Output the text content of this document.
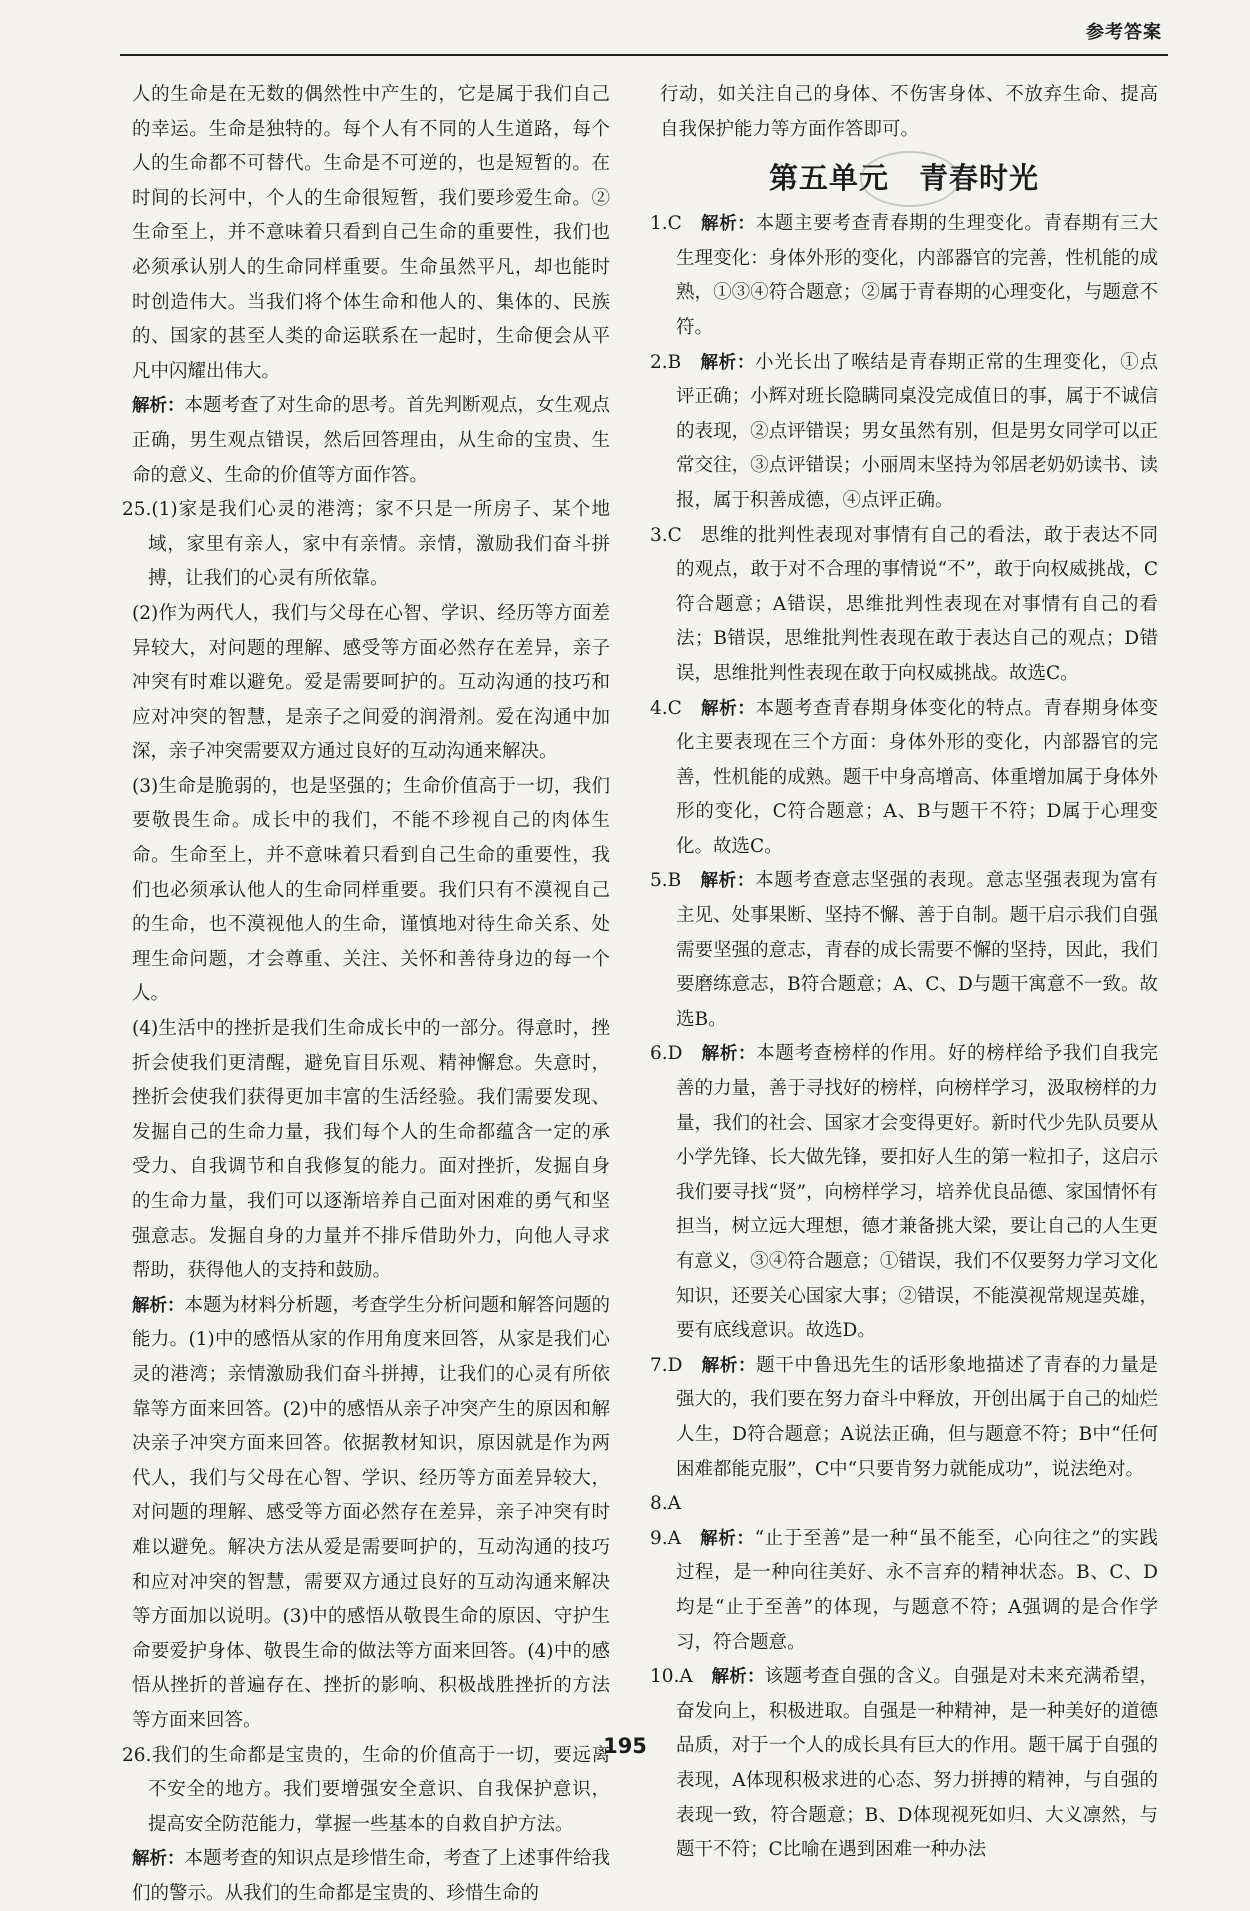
参考答案

人的生命是在无数的偶然性中产生的，它是属于我们自己的幸运。生命是独特的。每个人有不同的人生道路，每个人的生命都不可替代。生命是不可逆的，也是短暂的。在时间的长河中，个人的生命很短暂，我们要珍爱生命。②生命至上，并不意味着只看到自己生命的重要性，我们也必须承认别人的生命同样重要。生命虽然平凡，却也能时时创造伟大。当我们将个体生命和他人的、集体的、民族的、国家的甚至人类的命运联系在一起时，生命便会从平凡中闪耀出伟大。

解析：本题考查了对生命的思考。首先判断观点，女生观点正确，男生观点错误，然后回答理由，从生命的宝贵、生命的意义、生命的价值等方面作答。

25.(1)家是我们心灵的港湾；家不只是一所房子、某个地域，家里有亲人，家中有亲情。亲情，激励我们奋斗拼搏，让我们的心灵有所依靠。

(2)作为两代人，我们与父母在心智、学识、经历等方面差异较大，对问题的理解、感受等方面必然存在差异，亲子冲突有时难以避免。爱是需要呵护的。互动沟通的技巧和应对冲突的智慧，是亲子之间爱的润滑剂。爱在沟通中加深，亲子冲突需要双方通过良好的互动沟通来解决。

(3)生命是脆弱的，也是坚强的；生命价值高于一切，我们要敬畏生命。成长中的我们，不能不珍视自己的肉体生命。生命至上，并不意味着只看到自己生命的重要性，我们也必须承认他人的生命同样重要。我们只有不漠视自己的生命，也不漠视他人的生命，谨慎地对待生命关系、处理生命问题，才会尊重、关注、关怀和善待身边的每一个人。

(4)生活中的挫折是我们生命成长中的一部分。得意时，挫折会使我们更清醒，避免盲目乐观、精神懈怠。失意时，挫折会使我们获得更加丰富的生活经验。我们需要发现、发掘自己的生命力量，我们每个人的生命都蕴含一定的承受力、自我调节和自我修复的能力。面对挫折，发掘自身的生命力量，我们可以逐渐培养自己面对困难的勇气和坚强意志。发掘自身的力量并不排斥借助外力，向他人寻求帮助，获得他人的支持和鼓励。

解析：本题为材料分析题，考查学生分析问题和解答问题的能力。(1)中的感悟从家的作用角度来回答，从家是我们心灵的港湾；亲情激励我们奋斗拼搏，让我们的心灵有所依靠等方面来回答。(2)中的感悟从亲子冲突产生的原因和解决亲子冲突方面来回答。依据教材知识，原因就是作为两代人，我们与父母在心智、学识、经历等方面差异较大，对问题的理解、感受等方面必然存在差异，亲子冲突有时难以避免。解决方法从爱是需要呵护的，互动沟通的技巧和应对冲突的智慧，需要双方通过良好的互动沟通来解决等方面加以说明。(3)中的感悟从敬畏生命的原因、守护生命要爱护身体、敬畏生命的做法等方面来回答。(4)中的感悟从挫折的普遍存在、挫折的影响、积极战胜挫折的方法等方面来回答。

26.我们的生命都是宝贵的，生命的价值高于一切，要远离不安全的地方。我们要增强安全意识、自我保护意识，提高安全防范能力，掌握一些基本的自救自护方法。

解析：本题考查的知识点是珍惜生命，考查了上述事件给我们的警示。从我们的生命都是宝贵的、珍惜生命的

行动，如关注自己的身体、不伤害身体、不放弃生命、提高自我保护能力等方面作答即可。

第五单元　青春时光

1.C  解析：本题主要考查青春期的生理变化。青春期有三大生理变化：身体外形的变化，内部器官的完善，性机能的成熟，①③④符合题意；②属于青春期的心理变化，与题意不符。

2.B  解析：小光长出了喉结是青春期正常的生理变化，①点评正确；小辉对班长隐瞒同桌没完成值日的事，属于不诚信的表现，②点评错误；男女虽然有别，但是男女同学可以正常交往，③点评错误；小丽周末坚持为邻居老奶奶读书、读报，属于积善成德，④点评正确。

3.C  思维的批判性表现对事情有自己的看法，敢于表达不同的观点，敢于对不合理的事情说“不”，敢于向权威挑战，C符合题意；A错误，思维批判性表现在对事情有自己的看法；B错误，思维批判性表现在敢于表达自己的观点；D错误，思维批判性表现在敢于向权威挑战。故选C。

4.C  解析：本题考查青春期身体变化的特点。青春期身体变化主要表现在三个方面：身体外形的变化，内部器官的完善，性机能的成熟。题干中身高增高、体重增加属于身体外形的变化，C符合题意；A、B与题干不符；D属于心理变化。故选C。

5.B  解析：本题考查意志坚强的表现。意志坚强表现为富有主见、处事果断、坚持不懈、善于自制。题干启示我们自强需要坚强的意志，青春的成长需要不懈的坚持，因此，我们要磨练意志，B符合题意；A、C、D与题干寓意不一致。故选B。

6.D  解析：本题考查榜样的作用。好的榜样给予我们自我完善的力量，善于寻找好的榜样，向榜样学习，汲取榜样的力量，我们的社会、国家才会变得更好。新时代少先队员要从小学先锋、长大做先锋，要扣好人生的第一粒扣子，这启示我们要寻找“贤”，向榜样学习，培养优良品德、家国情怀有担当，树立远大理想，德才兼备挑大梁，要让自己的人生更有意义，③④符合题意；①错误，我们不仅要努力学习文化知识，还要关心国家大事；②错误，不能漠视常规逞英雄，要有底线意识。故选D。

7.D  解析：题干中鲁迅先生的话形象地描述了青春的力量是强大的，我们要在努力奋斗中释放，开创出属于自己的灿烂人生，D符合题意；A说法正确，但与题意不符；B中“任何困难都能克服”，C中“只要肯努力就能成功”，说法绝对。

8.A 

9.A  解析：“止于至善”是一种“虽不能至，心向往之”的实践过程，是一种向往美好、永不言弃的精神状态。B、C、D均是“止于至善”的体现，与题意不符；A强调的是合作学习，符合题意。

10.A  解析：该题考查自强的含义。自强是对未来充满希望，奋发向上，积极进取。自强是一种精神，是一种美好的道德品质，对于一个人的成长具有巨大的作用。题干属于自强的表现，A体现积极求进的心态、努力拼搏的精神，与自强的表现一致，符合题意；B、D体现视死如归、大义凛然，与题干不符；C比喻在遇到困难一种办法

195
